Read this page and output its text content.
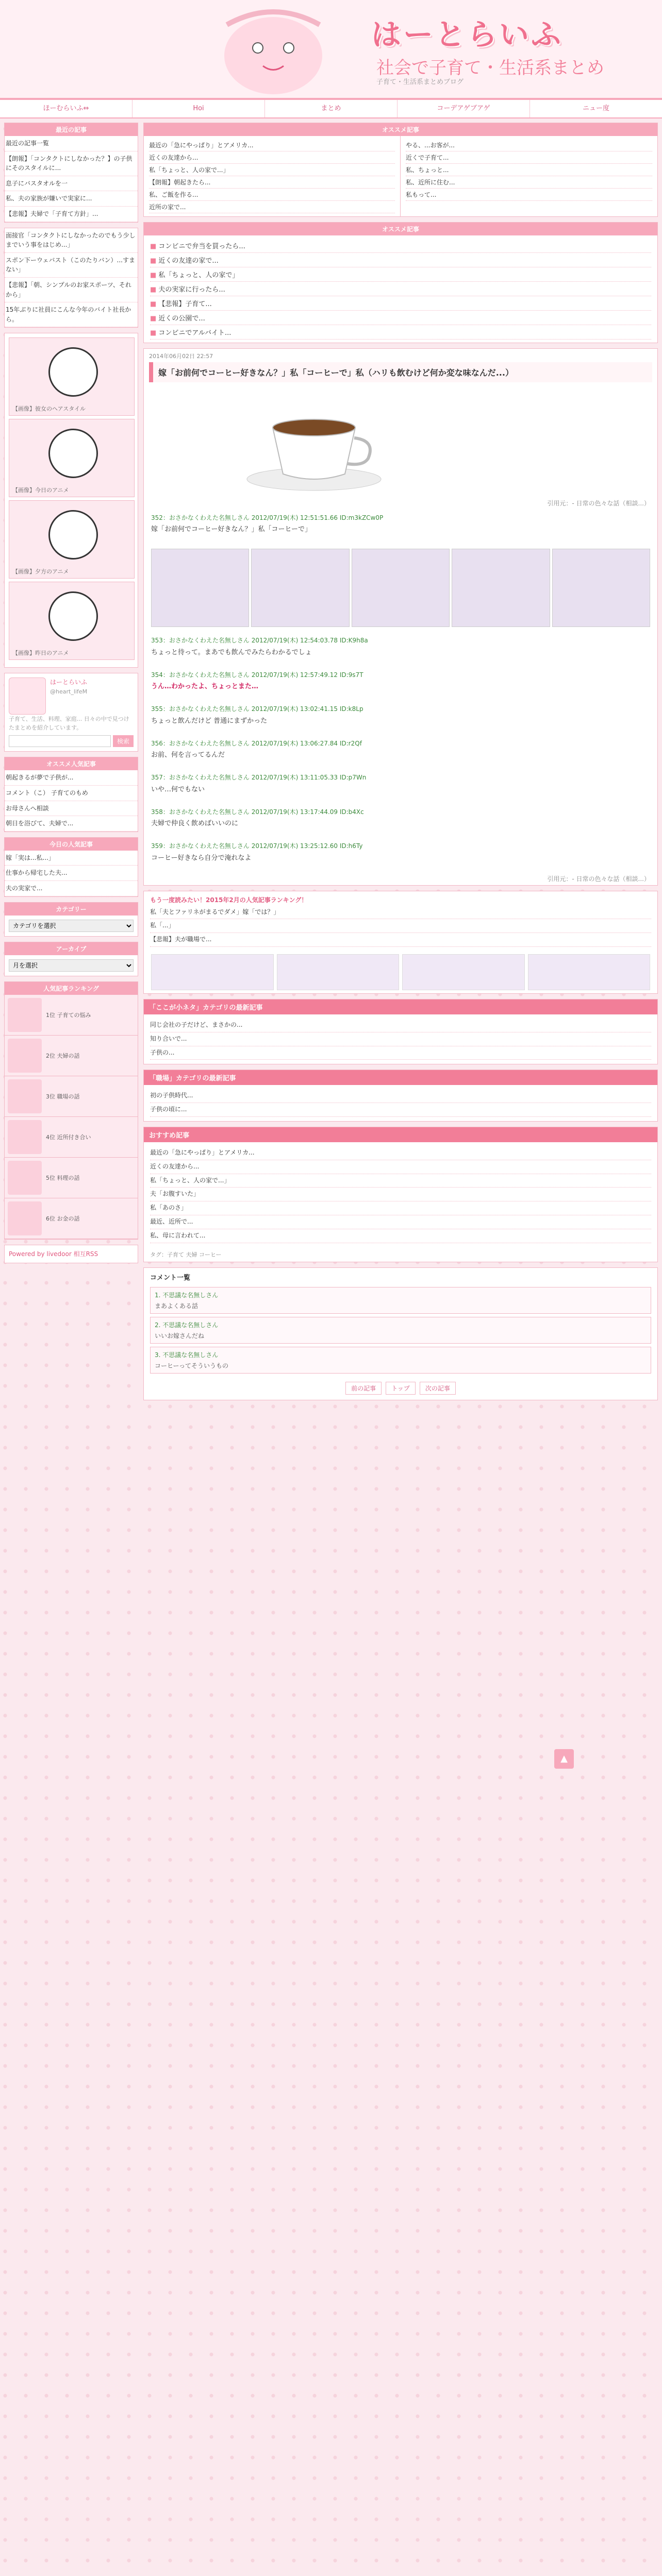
はーとらいふ
社会で子育て・生活系まとめ
子育て・生活系まとめブログ
ほーむらいふ⇔	Hoi	まとめ	コーデアゲブアゲ	ニュー度
最近の記事
最近の記事一覧
【朗報】「コンタクトにしなかった？】の子供にそのスタイルに...
息子にバスタオルを一
私、夫の家族が嫌いで実家に...
【悲報】夫婦で「子育て方針」...
面接官「コンタクトにしなかったのでもう少しまでいう事をはじめ...」
スポン下ーウェバスト（このたりバン）...すまない」
【悲報】「朝、シンプルのお家スポーツ、それから」
15年ぶりに社員にこんな今年のバイト社長から。
【画像】彼女のヘアスタイル
【画像】今日のアニメ
【画像】夕方のアニメ
【画像】昨日のアニメ
はーとらいふ
@heart_lifeM
子育て、生活、料理、家庭... 日々の中で見つけたまとめを紹介しています。
検索
オススメ人気記事
朝起きるが夢で子供が...
コメント（こ） 子育てのもめ
お母さんへ相談
朝日を浴びて、夫婦で...
今日の人気記事
嫁「実は...私...」
仕事から帰宅した夫...
夫の実家で...
カテゴリー
カテゴリを選択
アーカイブ
月を選択
人気記事ランキング
1位 子育ての悩み
2位 夫婦の話
3位 職場の話
4位 近所付き合い
5位 料理の話
6位 お金の話
Powered by livedoor 相互RSS
オススメ記事
最近の「急にやっぱり」とアメリカ...
近くの友達から...
私「ちょっと、人の家で...」
【朗報】朝起きたら...
私、ご飯を作る...
近所の家で...
やる、...お客が...
近くで子育て...
私、ちょっと...
私、近所に住む...
私もって...
オススメ記事
■ コンビニで弁当を買ったら...
■ 近くの友達の家で...
■ 私「ちょっと、人の家で」
■ 夫の実家に行ったら...
■ 【悲報】子育て...
■ 近くの公園で...
■ コンビニでアルバイト...
2014年06月02日 22:57
嫁「お前何でコーヒー好きなん？」私「コーヒーで」私（ハリも飲むけど何か変な味なんだ...）
引用元：- 日常の色々な話（相談...）
352：おさかなくわえた名無しさん 2012/07/19(木) 12:51:51.66 ID:m3kZCw0P
嫁「お前何でコーヒー好きなん？」私「コーヒーで」
353：おさかなくわえた名無しさん 2012/07/19(木) 12:54:03.78 ID:K9h8a
ちょっと待って。まあでも飲んでみたらわかるでしょ
354：おさかなくわえた名無しさん 2012/07/19(木) 12:57:49.12 ID:9s7T
うん…わかったよ、ちょっとまた…
355：おさかなくわえた名無しさん 2012/07/19(木) 13:02:41.15 ID:k8Lp
ちょっと飲んだけど 普通にまずかった
356：おさかなくわえた名無しさん 2012/07/19(木) 13:06:27.84 ID:r2Qf
お前、何を言ってるんだ
357：おさかなくわえた名無しさん 2012/07/19(木) 13:11:05.33 ID:p7Wn
いや…何でもない
358：おさかなくわえた名無しさん 2012/07/19(木) 13:17:44.09 ID:b4Xc
夫婦で仲良く飲めばいいのに
359：おさかなくわえた名無しさん 2012/07/19(木) 13:25:12.60 ID:h6Ty
コーヒー好きなら自分で淹れなよ
引用元：- 日常の色々な話（相談...）
もう一度読みたい！2015年2月の人気記事ランキング！
私「夫とファリネがまるでダメ」嫁「では？」
私「...」
【悲報】夫が職場で...
「ここが小ネタ」カテゴリの最新記事
同じ会社の子だけど、まさかの...
知り合いで...
子供の...
「職場」カテゴリの最新記事
初の子供時代...
子供の頃に...
おすすめ記事
最近の「急にやっぱり」とアメリカ...
近くの友達から...
私「ちょっと、人の家で...」
夫「お腹すいた」
私「あのさ」
最近、近所で...
私、母に言われて...
タグ：子育て 夫婦 コーヒー
コメント一覧
1. 不思議な名無しさん
まあよくある話
2. 不思議な名無しさん
いいお嫁さんだね
3. 不思議な名無しさん
コーヒーってそういうもの
前の記事	トップ	次の記事
▲
